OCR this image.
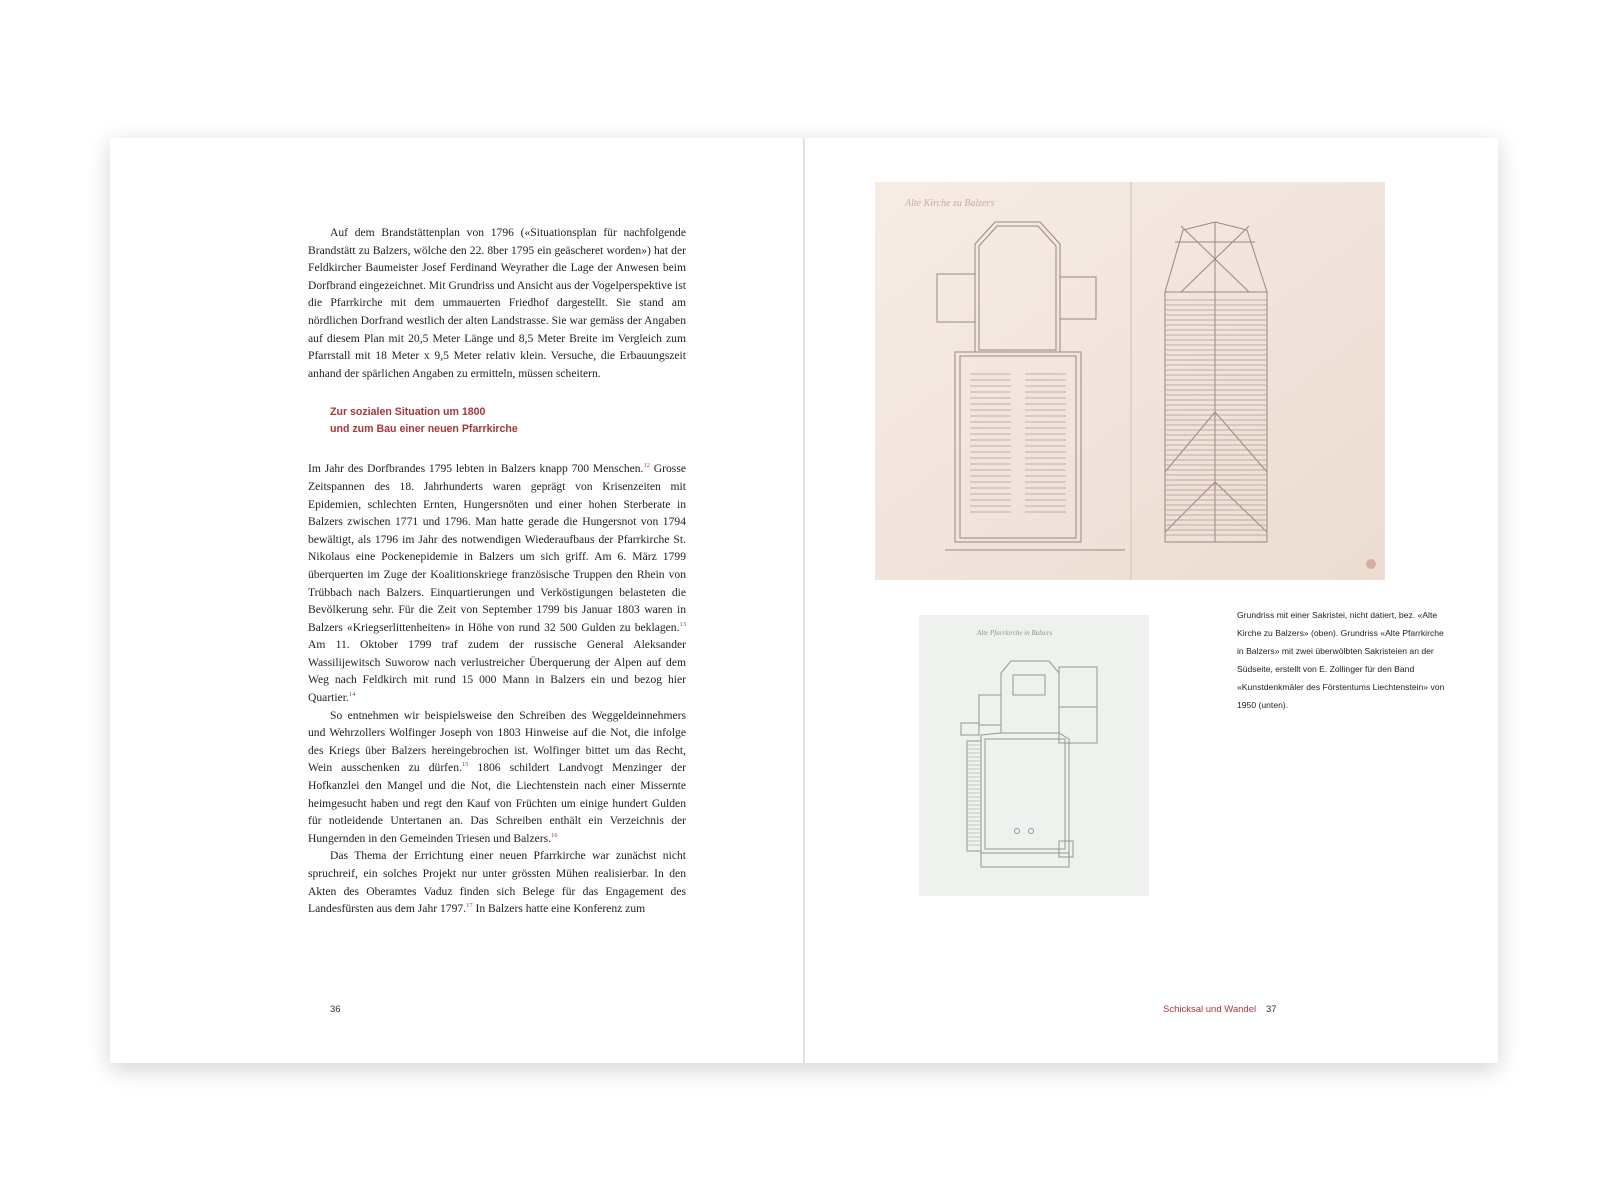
Auf dem Brandstättenplan von 1796 («Situationsplan für nachfolgende Brandstätt zu Balzers, wölche den 22. 8ber 1795 ein geäscheret worden») hat der Feldkircher Baumeister Josef Ferdinand Weyrather die Lage der Anwesen beim Dorfbrand eingezeichnet. Mit Grundriss und Ansicht aus der Vogelperspektive ist die Pfarrkirche mit dem ummauerten Friedhof dargestellt. Sie stand am nördlichen Dorfrand westlich der alten Landstrasse. Sie war gemäss der Angaben auf diesem Plan mit 20,5 Meter Länge und 8,5 Meter Breite im Vergleich zum Pfarrstall mit 18 Meter x 9,5 Meter relativ klein. Versuche, die Erbauungszeit anhand der spärlichen Angaben zu ermitteln, müssen scheitern.

Zur sozialen Situation um 1800
und zum Bau einer neuen Pfarrkirche

Im Jahr des Dorfbrandes 1795 lebten in Balzers knapp 700 Menschen.$^{12}$ Grosse Zeitspannen des 18. Jahrhunderts waren geprägt von Krisenzeiten mit Epidemien, schlechten Ernten, Hungersnöten und einer hohen Sterberate in Balzers zwischen 1771 und 1796. Man hatte gerade die Hungersnot von 1794 bewältigt, als 1796 im Jahr des notwendigen Wiederaufbaus der Pfarrkirche St. Nikolaus eine Pockenepidemie in Balzers um sich griff. Am 6. März 1799 überquerten im Zuge der Koalitionskriege französische Truppen den Rhein von Trübbach nach Balzers. Einquartierungen und Verköstigungen belasteten die Bevölkerung sehr. Für die Zeit von September 1799 bis Januar 1803 waren in Balzers «Kriegserlittenheiten» in Höhe von rund 32 500 Gulden zu beklagen.$^{13}$ Am 11. Oktober 1799 traf zudem der russische General Aleksander Wassilijewitsch Suworow nach verlustreicher Überquerung der Alpen auf dem Weg nach Feldkirch mit rund 15 000 Mann in Balzers ein und bezog hier Quartier.$^{14}$

So entnehmen wir beispielsweise den Schreiben des Weggeldeinnehmers und Wehrzollers Wolfinger Joseph von 1803 Hinweise auf die Not, die infolge des Kriegs über Balzers hereingebrochen ist. Wolfinger bittet um das Recht, Wein ausschenken zu dürfen.$^{15}$ 1806 schildert Landvogt Menzinger der Hofkanzlei den Mangel und die Not, die Liechtenstein nach einer Missernte heimgesucht haben und regt den Kauf von Früchten um einige hundert Gulden für notleidende Untertanen an. Das Schreiben enthält ein Verzeichnis der Hungernden in den Gemeinden Triesen und Balzers.$^{16}$

Das Thema der Errichtung einer neuen Pfarrkirche war zunächst nicht spruchreif, ein solches Projekt nur unter grössten Mühen realisierbar. In den Akten des Oberamtes Vaduz finden sich Belege für das Engagement des Landesfürsten aus dem Jahr 1797.17 In Balzers hatte eine Konferenz zum

36
Alte Kirche zu Balzers
Alte Pfarrkirche in Balzers
Grundriss mit einer Sakristei, nicht datiert, bez. «Alte Kirche zu Balzers» (oben). Grundriss «Alte Pfarrkirche in Balzers» mit zwei überwölbten Sakristeien an der Südseite, erstellt von E. Zollinger für den Band «Kunstdenkmäler des Förstentums Liechtenstein» von 1950 (unten).
Schicksal und Wandel 37
